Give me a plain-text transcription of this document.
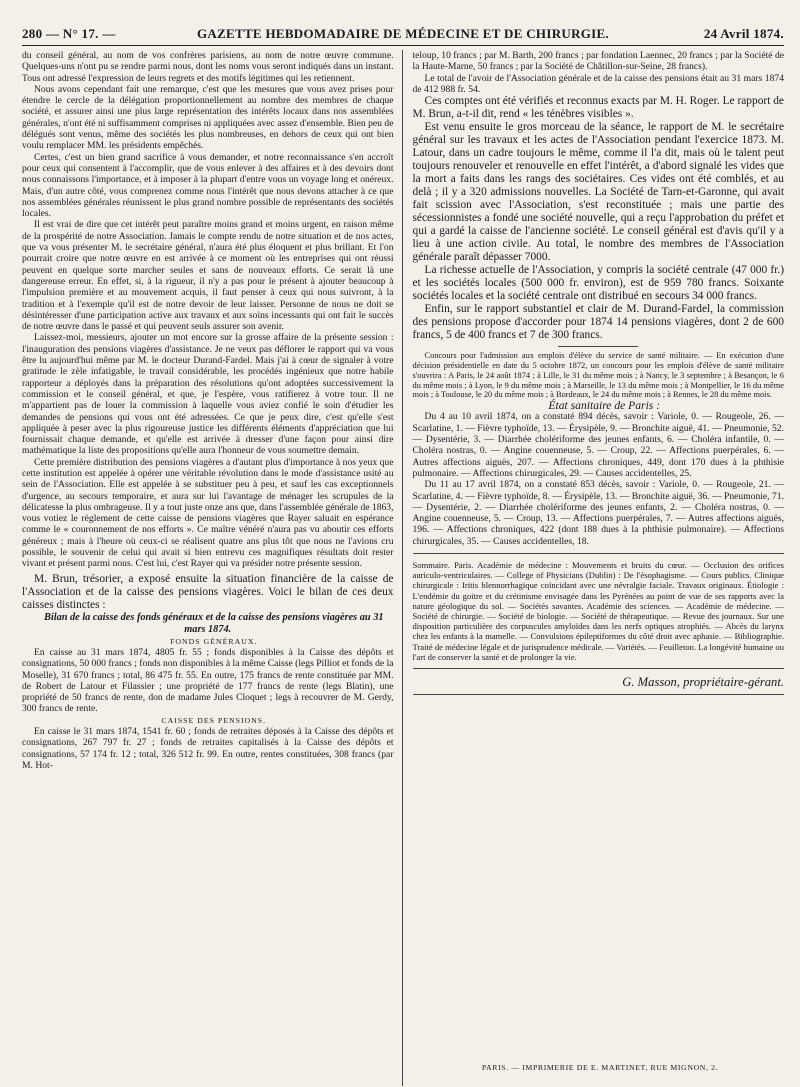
280 — N° 17. —	GAZETTE HEBDOMADAIRE DE MÉDECINE ET DE CHIRURGIE.	24 Avril 1874.

du conseil général, au nom de vos confrères parisiens, au nom de notre œuvre commune. Quelques-uns n'ont pu se rendre parmi nous, dont les noms vous seront indiqués dans un instant. Tous ont adressé l'expression de leurs regrets et des motifs légitimes qui les retiennent.

Nous avons cependant fait une remarque, c'est que les mesures que vous avez prises pour étendre le cercle de la délégation proportionnellement au nombre des membres de chaque société, et assurer ainsi une plus large représentation des intérêts locaux dans nos assemblées générales, n'ont été ni suffisamment comprises ni appliquées avec assez d'ensemble. Bien peu de délégués sont venus, même des sociétés les plus nombreuses, en dehors de ceux qui ont bien voulu remplacer MM. les présidents empêchés.

Certes, c'est un bien grand sacrifice à vous demander, et notre reconnaissance s'en accroît pour ceux qui consentent à l'accomplir, que de vous enlever à des affaires et à des devoirs dont nous connaissons l'importance, et à imposer à la plupart d'entre vous un voyage long et onéreux. Mais, d'un autre côté, vous comprenez comme nous l'intérêt que nous devons attacher à ce que nos assemblées générales réunissent le plus grand nombre possible de représentants des sociétés locales.

Il est vrai de dire que cet intérêt peut paraître moins grand et moins urgent, en raison même de la prospérité de notre Association. Jamais le compte rendu de notre situation et de nos actes, que va vous présenter M. le secrétaire général, n'aura été plus éloquent et plus brillant. Et l'on pourrait croire que notre œuvre en est arrivée à ce moment où les entreprises qui ont réussi peuvent en quelque sorte marcher seules et sans de nouveaux efforts. Ce serait là une dangereuse erreur. En effet, si, à la rigueur, il n'y a pas pour le présent à ajouter beaucoup à l'impulsion première et au mouvement acquis, il faut penser à ceux qui nous suivront, à la tradition et à l'exemple qu'il est de notre devoir de leur laisser. Personne de nous ne doit se désintéresser d'une participation active aux travaux et aux soins incessants qui ont fait le succès de notre œuvre dans le passé et qui peuvent seuls assurer son avenir.

Laissez-moi, messieurs, ajouter un mot encore sur la grosse affaire de la présente session : l'inauguration des pensions viagères d'assistance. Je ne veux pas déflorer le rapport qui va vous être lu aujourd'hui même par M. le docteur Durand-Fardel. Mais j'ai à cœur de signaler à votre gratitude le zèle infatigable, le travail considérable, les procédés ingénieux que notre habile rapporteur a déployés dans la préparation des résolutions qu'ont adoptées successivement la commission et le conseil général, et que, je l'espère, vous ratifierez à votre tour. Il ne m'appartient pas de louer la commission à laquelle vous aviez confié le soin d'étudier les demandes de pensions qui vous ont été adressées. Ce que je peux dire, c'est qu'elle s'est appliquée à peser avec la plus rigoureuse justice les différents éléments d'appréciation que lui fournissait chaque demande, et qu'elle est arrivée à dresser d'une façon pour ainsi dire mathématique la liste des propositions qu'elle aura l'honneur de vous soumettre demain.

Cette première distribution des pensions viagères a d'autant plus d'importance à nos yeux que cette institution est appelée à opérer une véritable révolution dans le mode d'assistance usité au sein de l'Association. Elle est appelée à se substituer peu à peu, et sauf les cas exceptionnels d'urgence, au secours temporaire, et aura sur lui l'avantage de ménager les scrupules de la délicatesse la plus ombrageuse. Il y a tout juste onze ans que, dans l'assemblée générale de 1863, vous votiez le règlement de cette caisse de pensions viagères que Rayer saluait en espérance comme le « couronnement de nos efforts ». Ce maître vénéré n'aura pas vu aboutir ces efforts généreux ; mais à l'heure où ceux-ci se réalisent quatre ans plus tôt que nous ne l'avions cru possible, le souvenir de celui qui avait si bien entrevu ces magnifiques résultats doit rester vivant et présent parmi nous. C'est lui, c'est Rayer qui va présider notre présente session.

M. Brun, trésorier, a exposé ensuite la situation financière de la caisse de l'Association et de la caisse des pensions viagères. Voici le bilan de ces deux caisses distinctes :

Bilan de la caisse des fonds généraux et de la caisse des pensions viagères au 31 mars 1874.

FONDS GÉNÉRAUX.

En caisse au 31 mars 1874, 4805 fr. 55 ; fonds disponibles à la Caisse des dépôts et consignations, 50 000 francs ; fonds non disponibles à la même Caisse (legs Pilliot et fonds de la Moselle), 31 670 francs ; total, 86 475 fr. 55. En outre, 175 francs de rente constituée par MM. de Robert de Latour et Filassier ; une propriété de 177 francs de rente (legs Blatin), une propriété de 50 francs de rente, don de madame Jules Cloquet ; legs à recouvrer de M. Gerdy, 300 francs de rente.

CAISSE DES PENSIONS.

En caisse le 31 mars 1874, 1541 fr. 60 ; fonds de retraites déposés à la Caisse des dépôts et consignations, 267 797 fr. 27 ; fonds de retraites capitalisés à la Caisse des dépôts et consignations, 57 174 fr. 12 ; total, 326 512 fr. 99. En outre, rentes constituées, 308 francs (par M. Hot-

teloup, 10 francs ; par M. Barth, 200 francs ; par fondation Laennec, 20 francs ; par la Société de la Haute-Marne, 50 francs ; par la Société de Châtillon-sur-Seine, 28 francs).

Le total de l'avoir de l'Association générale et de la caisse des pensions était au 31 mars 1874 de 412 988 fr. 54.

Ces comptes ont été vérifiés et reconnus exacts par M. H. Roger. Le rapport de M. Brun, a-t-il dit, rend « les ténèbres visibles ».

Est venu ensuite le gros morceau de la séance, le rapport de M. le secrétaire général sur les travaux et les actes de l'Association pendant l'exercice 1873. M. Latour, dans un cadre toujours le même, comme il l'a dit, mais où le talent peut toujours renouveler et renouvelle en effet l'intérêt, a d'abord signalé les vides que la mort a faits dans les rangs des sociétaires. Ces vides ont été comblés, et au delà ; il y a 320 admissions nouvelles. La Société de Tarn-et-Garonne, qui avait fait scission avec l'Association, s'est reconstituée ; mais une partie des sécessionnistes a fondé une société nouvelle, qui a reçu l'approbation du préfet et qui a gardé la caisse de l'ancienne société. Le conseil général est d'avis qu'il y a lieu à une action civile. Au total, le nombre des membres de l'Association générale paraît dépasser 7000.

La richesse actuelle de l'Association, y compris la société centrale (47 000 fr.) et les sociétés locales (500 000 fr. environ), est de 959 780 francs. Soixante sociétés locales et la société centrale ont distribué en secours 34 000 francs.

Enfin, sur le rapport substantiel et clair de M. Durand-Fardel, la commission des pensions propose d'accorder pour 1874 14 pensions viagères, dont 2 de 600 francs, 5 de 400 francs et 7 de 300 francs.

Concours pour l'admission aux emplois d'élève du service de santé militaire. — En exécution d'une décision présidentielle en date du 5 octobre 1872, un concours pour les emplois d'élève de santé militaire s'ouvrira : A Paris, le 24 août 1874 ; à Lille, le 31 du même mois ; à Nancy, le 3 septembre ; à Besançon, le 6 du même mois ; à Lyon, le 9 du même mois ; à Marseille, le 13 du même mois ; à Montpellier, le 16 du même mois ; à Toulouse, le 20 du même mois ; à Bordeaux, le 24 du même mois ; à Rennes, le 28 du même mois.

État sanitaire de Paris :

Du 4 au 10 avril 1874, on a constaté 894 décès, savoir : Variole, 0. — Rougeole, 26. — Scarlatine, 1. — Fièvre typhoïde, 13. — Érysipèle, 9. — Bronchite aiguë, 41. — Pneumonie, 52. — Dysentérie, 3. — Diarrhée cholériforme des jeunes enfants, 6. — Choléra infantile, 0. — Choléra nostras, 0. — Angine couenneuse, 5. — Croup, 22. — Affections puerpérales, 6. — Autres affections aiguës, 207. — Affections chroniques, 449, dont 170 dues à la phthisie pulmonaire. — Affections chirurgicales, 29. — Causes accidentelles, 25.

Du 11 au 17 avril 1874, on a constaté 853 décès, savoir : Variole, 0. — Rougeole, 21. — Scarlatine, 4. — Fièvre typhoïde, 8. — Érysipèle, 13. — Bronchite aiguë, 36. — Pneumonie, 71. — Dysentérie, 2. — Diarrhée cholériforme des jeunes enfants, 2. — Choléra nostras, 0. — Angine couenneuse, 5. — Croup, 13. — Affections puerpérales, 7. — Autres affections aiguës, 196. — Affections chroniques, 422 (dont 188 dues à la phthisie pulmonaire). — Affections chirurgicales, 35. — Causes accidentelles, 18.

Sommaire. Paris. Académie de médecine : Mouvements et bruits du cœur. — Occlusion des orifices auriculo-ventriculaires. — College of Physicians (Dublin) : De l'ésophagisme. — Cours publics. Clinique chirurgicale : Iritis blennorrhagique coïncidant avec une névralgie faciale. Travaux originaux. Étiologie : L'endémie du goitre et du crétinisme envisagée dans les Pyrénées au point de vue de ses rapports avec la nature géologique du sol. — Sociétés savantes. Académie des sciences. — Académie de médecine. — Société de chirurgie. — Société de biologie. — Société de thérapeutique. — Revue des journaux. Sur une disposition particulière des corpuscules amyloïdes dans les nerfs optiques atrophiés. — Abcès du larynx chez les enfants à la mamelle. — Convulsions épileptiformes du côté droit avec aphasie. — Bibliographie. Traité de médecine légale et de jurisprudence médicale. — Variétés. — Feuilleton. La longévité humaine ou l'art de conserver la santé et de prolonger la vie.

G. Masson, propriétaire-gérant.
PARIS. — IMPRIMERIE DE E. MARTINET, RUE MIGNON, 2.
